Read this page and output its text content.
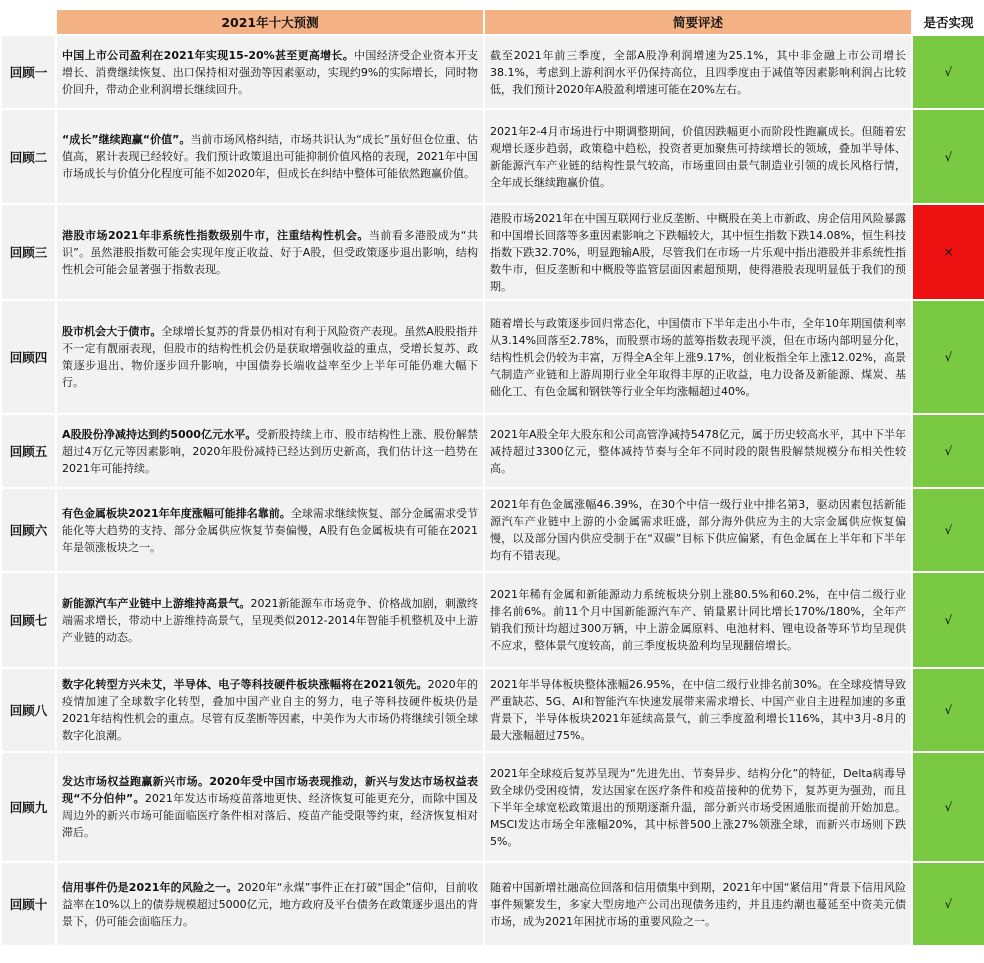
	2021年十大预测	简要评述	是否实现
回顾一	中国上市公司盈利在2021年实现15-20%甚至更高增长。中国经济受企业资本开支增长、消费继续恢复、出口保持相对强劲等因素驱动，实现约9%的实际增长，同时物价回升，带动企业利润增长继续回升。	截至2021年前三季度，全部A股净利润增速为25.1%，其中非金融上市公司增长38.1%，考虑到上游利润水平仍保持高位，且四季度由于减值等因素影响利润占比较低，我们预计2020年A股盈利增速可能在20%左右。	√
回顾二	“成长”继续跑赢“价值”。当前市场风格纠结，市场共识认为“成长”虽好但仓位重、估值高，累计表现已经较好。我们预计政策退出可能抑制价值风格的表现，2021年中国市场成长与价值分化程度可能不如2020年，但成长在纠结中整体可能依然跑赢价值。	2021年2-4月市场进行中期调整期间，价值因跌幅更小而阶段性跑赢成长。但随着宏观增长逐步趋弱，政策稳中趋松，投资者更加聚焦可持续增长的领域，叠加半导体、新能源汽车产业链的结构性景气较高，市场重回由景气制造业引领的成长风格行情，全年成长继续跑赢价值。	√
回顾三	港股市场2021年非系统性指数级别牛市，注重结构性机会。当前看多港股成为“共识”。虽然港股指数可能会实现年度正收益、好于A股，但受政策逐步退出影响，结构性机会可能会显著强于指数表现。	港股市场2021年在中国互联网行业反垄断、中概股在美上市新政、房企信用风险暴露和中国增长回落等多重因素影响之下跌幅较大，其中恒生指数下跌14.08%，恒生科技指数下跌32.70%，明显跑输A股，尽管我们在市场一片乐观中指出港股并非系统性指数牛市，但反垄断和中概股等监管层面因素超预期，使得港股表现明显低于我们的预期。	×
回顾四	股市机会大于债市。全球增长复苏的背景仍相对有利于风险资产表现。虽然A股股指并不一定有靓丽表现，但股市的结构性机会仍是获取增强收益的重点，受增长复苏、政策逐步退出、物价逐步回升影响，中国债券长端收益率至少上半年可能仍难大幅下行。	随着增长与政策逐步回归常态化，中国债市下半年走出小牛市，全年10年期国债利率从3.14%回落至2.78%，而股票市场的蓝筹指数表现平淡，但在市场内部明显分化，结构性机会仍较为丰富，万得全A全年上涨9.17%，创业板指全年上涨12.02%，高景气制造产业链和上游周期行业全年取得丰厚的正收益，电力设备及新能源、煤炭、基础化工、有色金属和钢铁等行业全年均涨幅超过40%。	√
回顾五	A股股份净减持达到约5000亿元水平。受新股持续上市、股市结构性上涨、股份解禁超过4万亿元等因素影响，2020年股份减持已经达到历史新高，我们估计这一趋势在2021年可能持续。	2021年A股全年大股东和公司高管净减持5478亿元，属于历史较高水平，其中下半年减持超过3300亿元，整体减持节奏与全年不同时段的限售股解禁规模分布相关性较高。	√
回顾六	有色金属板块2021年年度涨幅可能排名靠前。全球需求继续恢复、部分金属需求受节能化等大趋势的支持、部分金属供应恢复节奏偏慢，A股有色金属板块有可能在2021年是领涨板块之一。	2021年有色金属涨幅46.39%，在30个中信一级行业中排名第3，驱动因素包括新能源汽车产业链中上游的小金属需求旺盛，部分海外供应为主的大宗金属供应恢复偏慢，以及部分国内供应受制于在“双碳”目标下供应偏紧，有色金属在上半年和下半年均有不错表现。	√
回顾七	新能源汽车产业链中上游维持高景气。2021新能源车市场竞争、价格战加剧，刺激终端需求增长，带动中上游维持高景气，呈现类似2012-2014年智能手机整机及中上游产业链的动态。	2021年稀有金属和新能源动力系统板块分别上涨80.5%和60.2%，在中信二级行业排名前6%。前11个月中国新能源汽车产、销量累计同比增长170%/180%，全年产销我们预计均超过300万辆，中上游金属原料、电池材料、锂电设备等环节均呈现供不应求，整体景气度较高，前三季度板块盈利均呈现翻倍增长。	√
回顾八	数字化转型方兴未艾，半导体、电子等科技硬件板块涨幅将在2021领先。2020年的疫情加速了全球数字化转型，叠加中国产业自主的努力，电子等科技硬件板块仍是2021年结构性机会的重点。尽管有反垄断等因素，中美作为大市场仍将继续引领全球数字化浪潮。	2021年半导体板块整体涨幅26.95%，在中信二级行业排名前30%。在全球疫情导致严重缺芯、5G、AI和智能汽车快速发展带来需求增长、中国产业自主进程加速的多重背景下，半导体板块2021年延续高景气，前三季度盈利增长116%，其中3月-8月的最大涨幅超过75%。	√
回顾九	发达市场权益跑赢新兴市场。2020年受中国市场表现推动，新兴与发达市场权益表现“不分伯仲”。2021年发达市场疫苗落地更快、经济恢复可能更充分，而除中国及周边外的新兴市场可能面临医疗条件相对落后、疫苗产能受限等约束，经济恢复相对滞后。	2021年全球疫后复苏呈现为“先进先出、节奏异步、结构分化”的特征，Delta病毒导致全球仍受困疫情，发达国家在医疗条件和疫苗接种的优势下，复苏更为强劲，而且下半年全球宽松政策退出的预期逐渐升温，部分新兴市场受困通胀而提前开始加息。MSCI发达市场全年涨幅20%，其中标普500上涨27%领涨全球，而新兴市场则下跌5%。	√
回顾十	信用事件仍是2021年的风险之一。2020年“永煤”事件正在打破“国企”信仰，目前收益率在10%以上的债券规模超过5000亿元，地方政府及平台债务在政策逐步退出的背景下，仍可能会面临压力。	随着中国新增社融高位回落和信用债集中到期，2021年中国“紧信用”背景下信用风险事件频繁发生，多家大型房地产公司出现债务违约，并且违约潮也蔓延至中资美元债市场，成为2021年困扰市场的重要风险之一。	√
